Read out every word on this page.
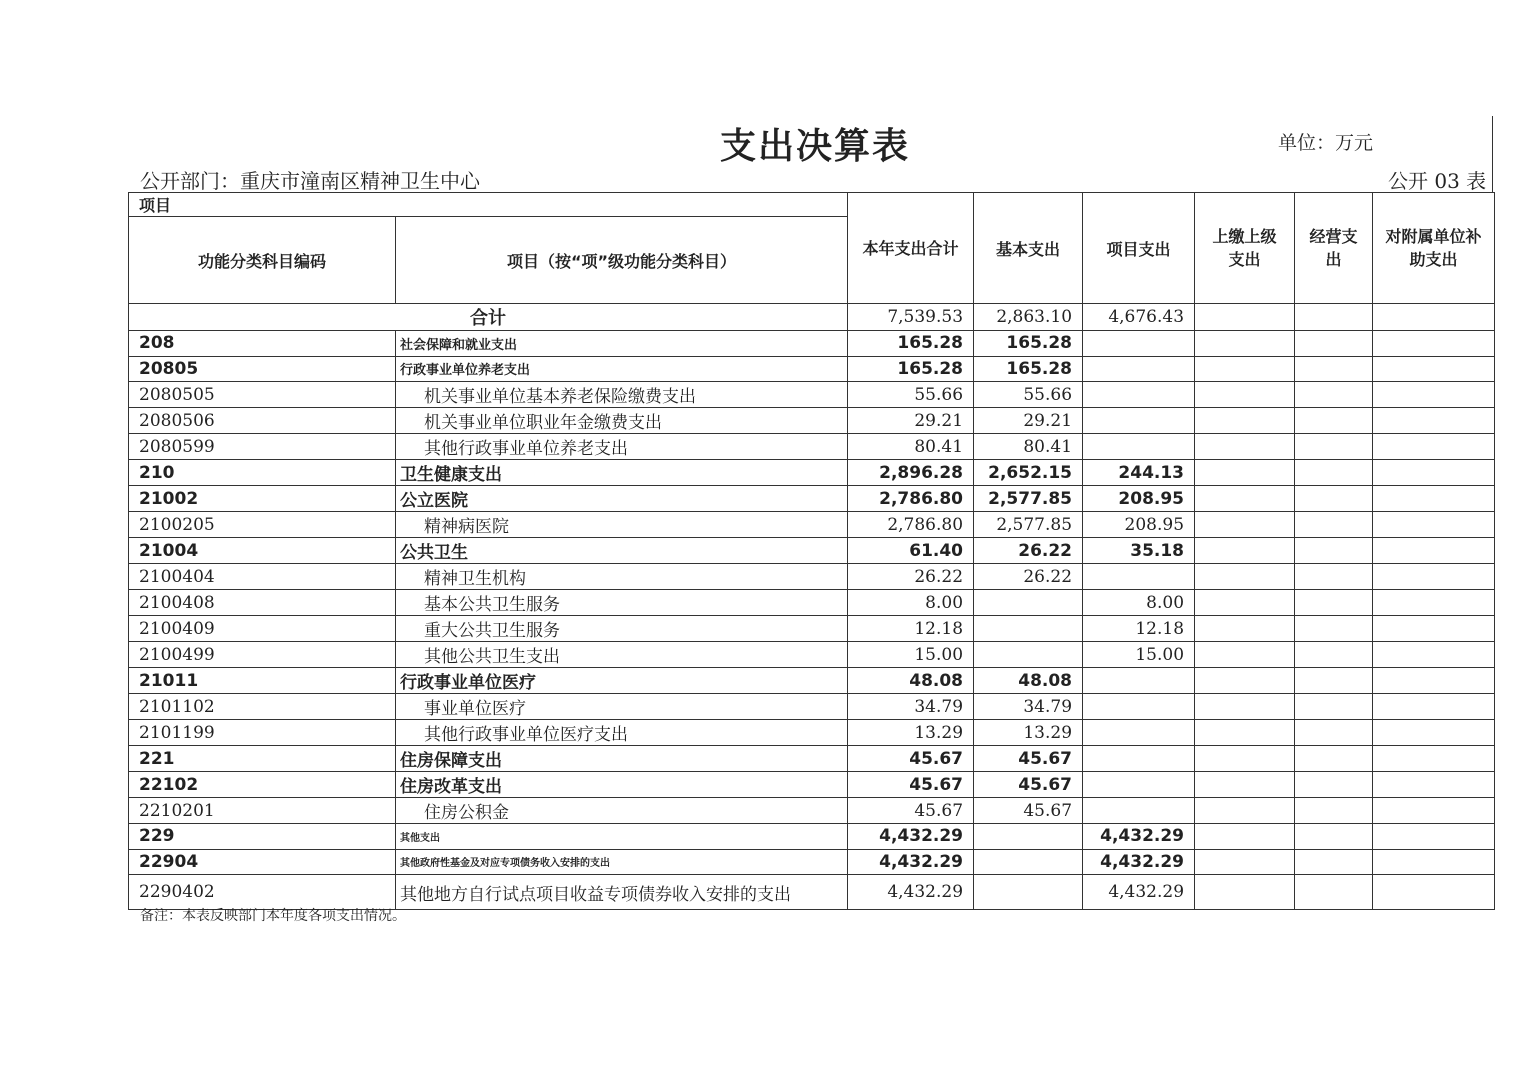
支出决算表	单位：万元
公开部门：重庆市潼南区精神卫生中心	公开 03 表
项目		本年支出合计	基本支出	项目支出	上缴上级支出	经营支出	对附属单位补助支出
功能分类科目编码	项目（按“项”级功能分类科目）						
合计		7,539.53	2,863.10	4,676.43			
208	社会保障和就业支出	165.28	165.28				
20805	行政事业单位养老支出	165.28	165.28				
2080505	机关事业单位基本养老保险缴费支出	55.66	55.66				
2080506	机关事业单位职业年金缴费支出	29.21	29.21				
2080599	其他行政事业单位养老支出	80.41	80.41				
210	卫生健康支出	2,896.28	2,652.15	244.13			
21002	公立医院	2,786.80	2,577.85	208.95			
2100205	精神病医院	2,786.80	2,577.85	208.95			
21004	公共卫生	61.40	26.22	35.18			
2100404	精神卫生机构	26.22	26.22				
2100408	基本公共卫生服务	8.00		8.00			
2100409	重大公共卫生服务	12.18		12.18			
2100499	其他公共卫生支出	15.00		15.00			
21011	行政事业单位医疗	48.08	48.08				
2101102	事业单位医疗	34.79	34.79				
2101199	其他行政事业单位医疗支出	13.29	13.29				
221	住房保障支出	45.67	45.67				
22102	住房改革支出	45.67	45.67				
2210201	住房公积金	45.67	45.67				
229	其他支出	4,432.29		4,432.29			
22904	其他政府性基金及对应专项债务收入安排的支出	4,432.29		4,432.29			
2290402	其他地方自行试点项目收益专项债券收入安排的支出	4,432.29		4,432.29			
备注：本表反映部门本年度各项支出情况。
